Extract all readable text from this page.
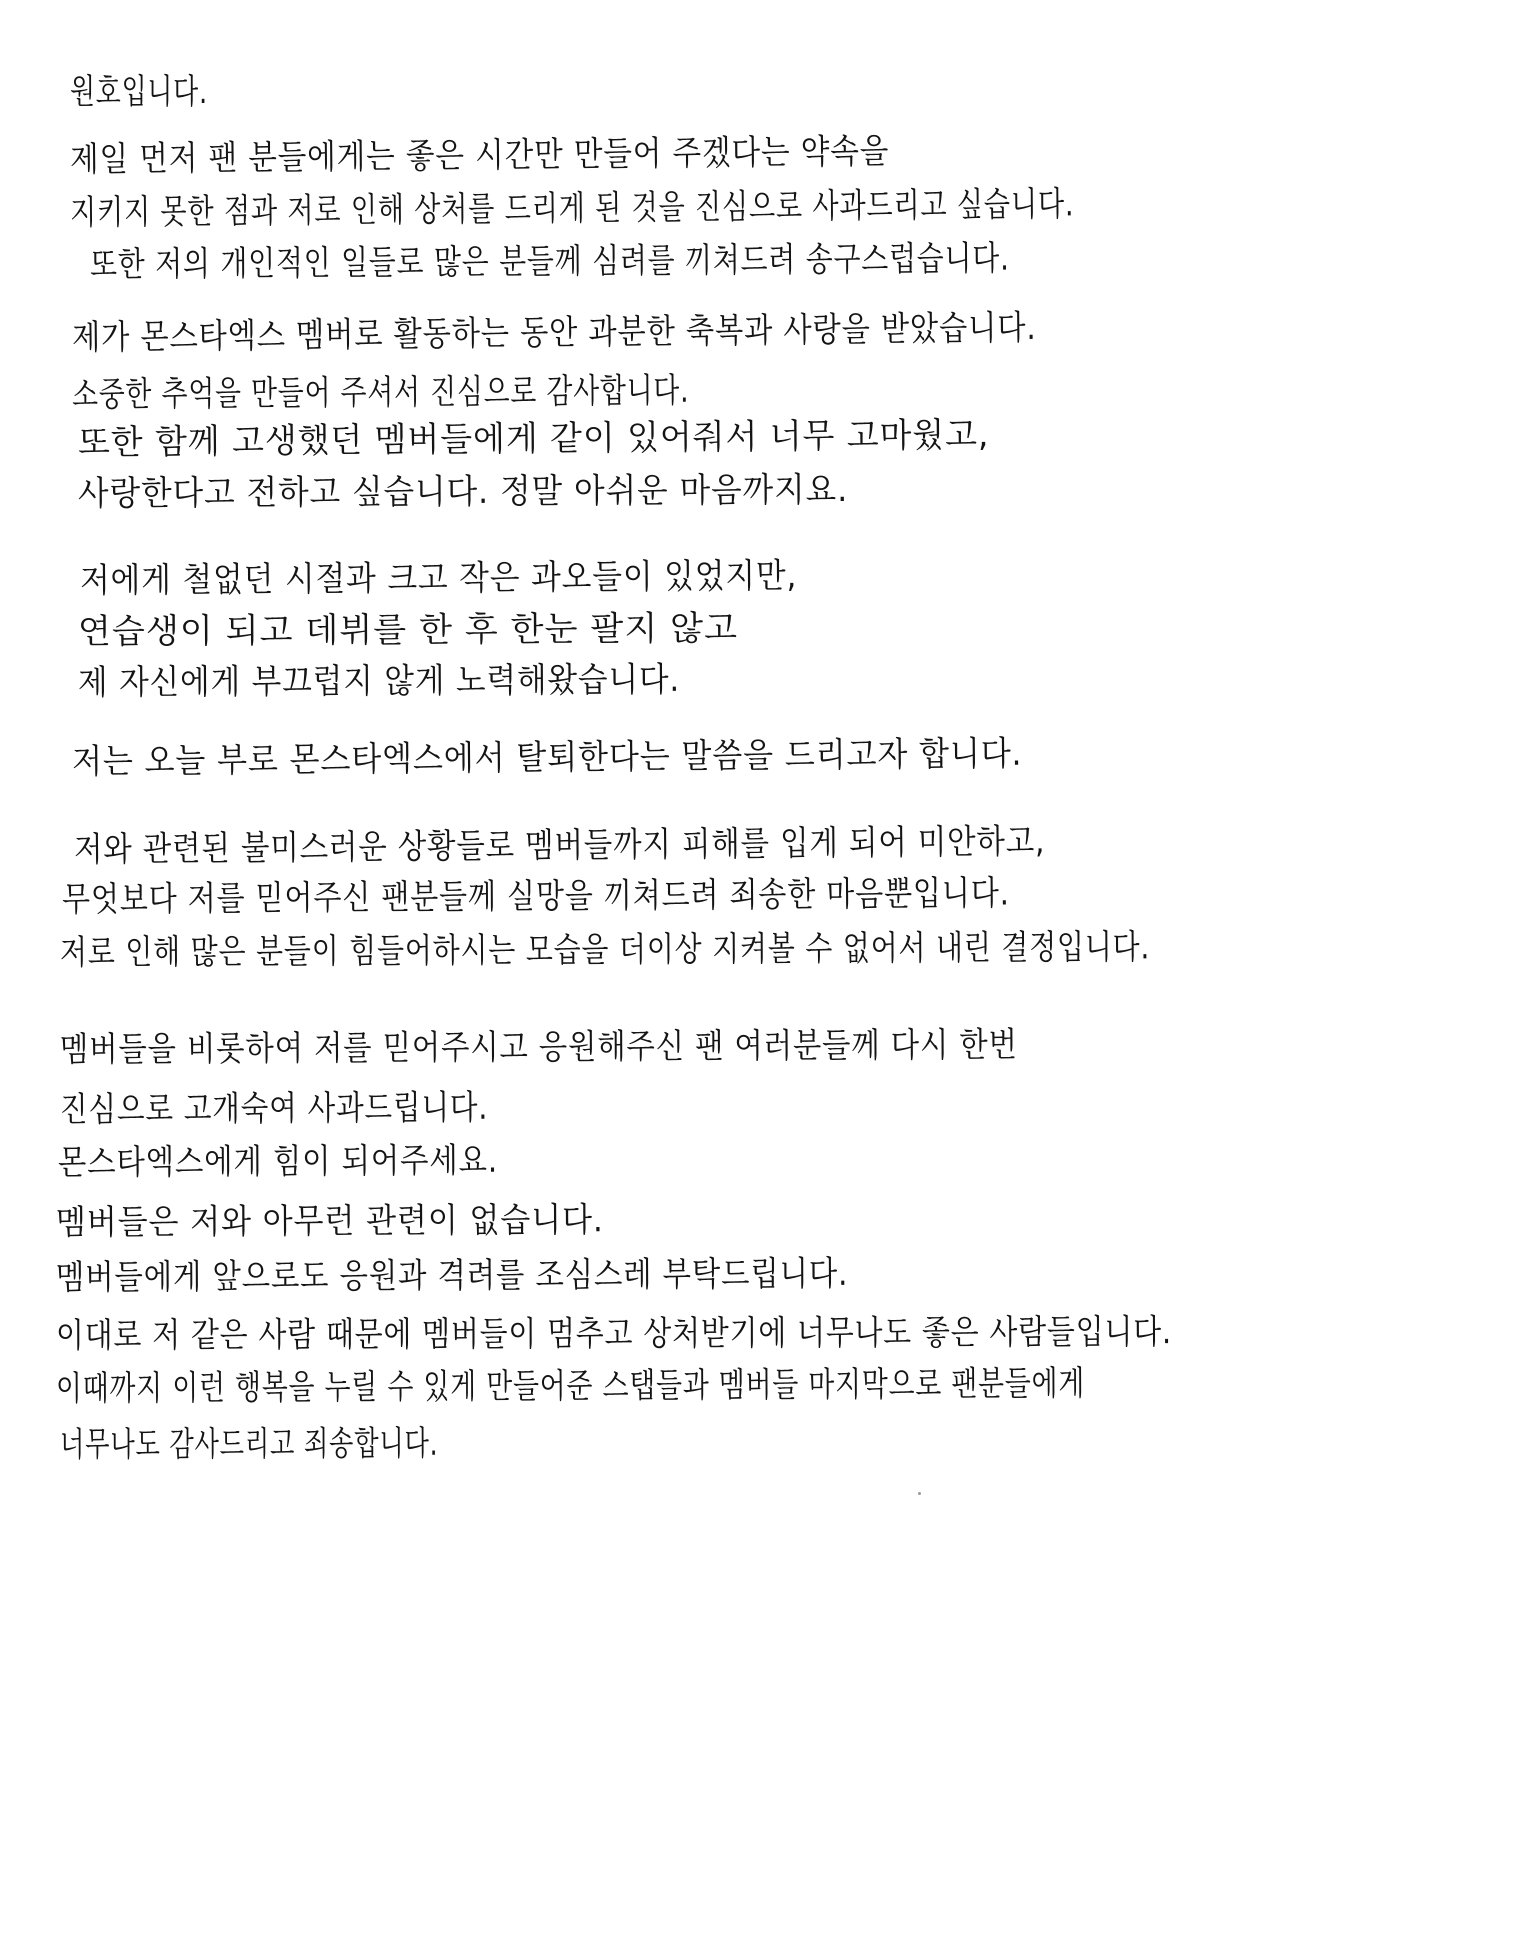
원호입니다.
제일 먼저 팬 분들에게는 좋은 시간만 만들어 주겠다는 약속을
지키지 못한 점과 저로 인해 상처를 드리게 된 것을 진심으로 사과드리고 싶습니다.
또한 저의 개인적인 일들로 많은 분들께 심려를 끼쳐드려 송구스럽습니다.
제가 몬스타엑스 멤버로 활동하는 동안 과분한 축복과 사랑을 받았습니다.
소중한 추억을 만들어 주셔서 진심으로 감사합니다.
또한 함께 고생했던 멤버들에게 같이 있어줘서 너무 고마웠고,
사랑한다고 전하고 싶습니다. 정말 아쉬운 마음까지요.
저에게 철없던 시절과 크고 작은 과오들이 있었지만,
연습생이 되고 데뷔를 한 후 한눈 팔지 않고
제 자신에게 부끄럽지 않게 노력해왔습니다.
저는 오늘 부로 몬스타엑스에서 탈퇴한다는 말씀을 드리고자 합니다.
저와 관련된 불미스러운 상황들로 멤버들까지 피해를 입게 되어 미안하고,
무엇보다 저를 믿어주신 팬분들께 실망을 끼쳐드려 죄송한 마음뿐입니다.
저로 인해 많은 분들이 힘들어하시는 모습을 더이상 지켜볼 수 없어서 내린 결정입니다.
멤버들을 비롯하여 저를 믿어주시고 응원해주신 팬 여러분들께 다시 한번
진심으로 고개숙여 사과드립니다.
몬스타엑스에게 힘이 되어주세요.
멤버들은 저와 아무런 관련이 없습니다.
멤버들에게 앞으로도 응원과 격려를 조심스레 부탁드립니다.
이대로 저 같은 사람 때문에 멤버들이 멈추고 상처받기에 너무나도 좋은 사람들입니다.
이때까지 이런 행복을 누릴 수 있게 만들어준 스탭들과 멤버들 마지막으로 팬분들에게
너무나도 감사드리고 죄송합니다.
